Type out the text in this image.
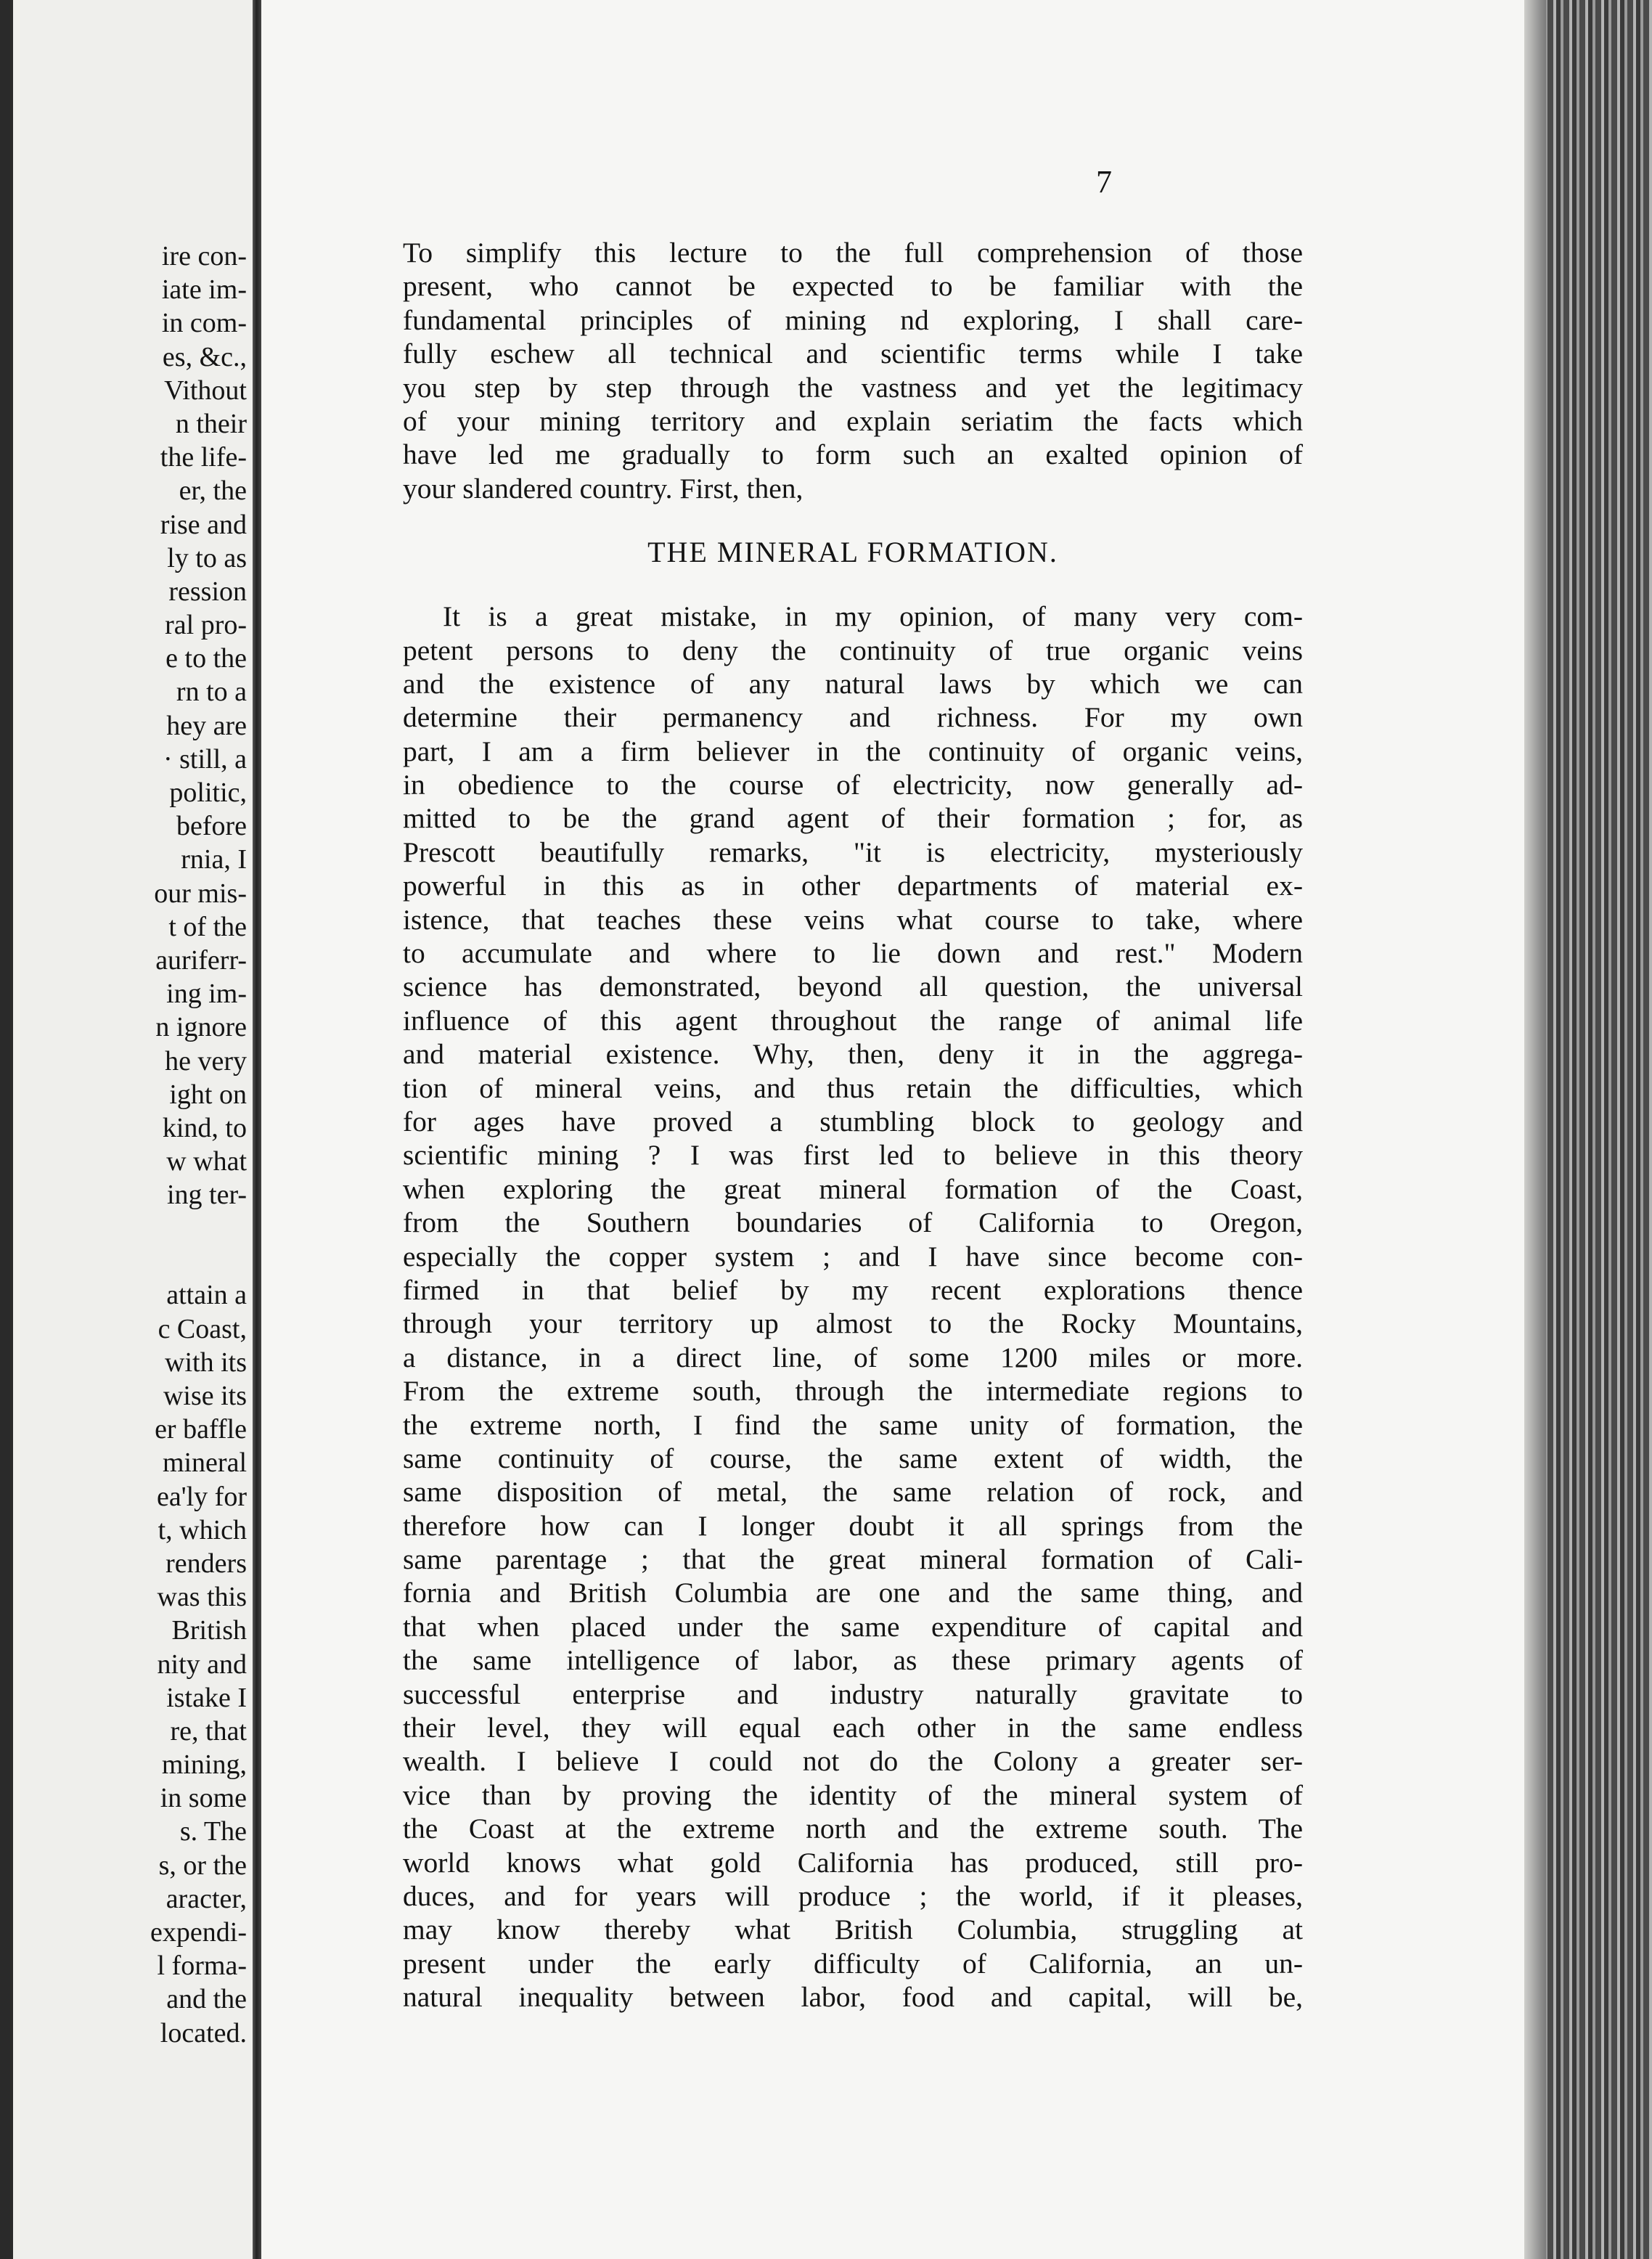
ire con-
iate im-
in com-
es, &c.,
Vithout
n their
the life-
er, the
rise and
ly to as
ression
ral pro-
e to the
rn to a
hey are
· still, a
politic,
before
rnia, I
our mis-
t of the
auriferr-
ing im-
n ignore
he very
ight on
kind, to
w what
ing ter-
attain a
c Coast,
with its
wise its
er baffle
mineral
ea'ly for
t, which
renders
was this
British
nity and
istake I
re, that
mining,
in some
s. The
s, or the
aracter,
expendi-
l forma-
and the
located.
7
To simplify this lecture to the full comprehension of those
present, who cannot be expected to be familiar with the
fundamental principles of mining nd exploring, I shall care-
fully eschew all technical and scientific terms while I take
you step by step through the vastness and yet the legitimacy
of your mining territory and explain seriatim the facts which
have led me gradually to form such an exalted opinion of
your slandered country. First, then,
THE MINERAL FORMATION.
It is a great mistake, in my opinion, of many very com-
petent persons to deny the continuity of true organic veins
and the existence of any natural laws by which we can
determine their permanency and richness. For my own
part, I am a firm believer in the continuity of organic veins,
in obedience to the course of electricity, now generally ad-
mitted to be the grand agent of their formation ; for, as
Prescott beautifully remarks, "it is electricity, mysteriously
powerful in this as in other departments of material ex-
istence, that teaches these veins what course to take, where
to accumulate and where to lie down and rest." Modern
science has demonstrated, beyond all question, the universal
influence of this agent throughout the range of animal life
and material existence. Why, then, deny it in the aggrega-
tion of mineral veins, and thus retain the difficulties, which
for ages have proved a stumbling block to geology and
scientific mining ? I was first led to believe in this theory
when exploring the great mineral formation of the Coast,
from the Southern boundaries of California to Oregon,
especially the copper system ; and I have since become con-
firmed in that belief by my recent explorations thence
through your territory up almost to the Rocky Mountains,
a distance, in a direct line, of some 1200 miles or more.
From the extreme south, through the intermediate regions to
the extreme north, I find the same unity of formation, the
same continuity of course, the same extent of width, the
same disposition of metal, the same relation of rock, and
therefore how can I longer doubt it all springs from the
same parentage ; that the great mineral formation of Cali-
fornia and British Columbia are one and the same thing, and
that when placed under the same expenditure of capital and
the same intelligence of labor, as these primary agents of
successful enterprise and industry naturally gravitate to
their level, they will equal each other in the same endless
wealth. I believe I could not do the Colony a greater ser-
vice than by proving the identity of the mineral system of
the Coast at the extreme north and the extreme south. The
world knows what gold California has produced, still pro-
duces, and for years will produce ; the world, if it pleases,
may know thereby what British Columbia, struggling at
present under the early difficulty of California, an un-
natural inequality between labor, food and capital, will be,
